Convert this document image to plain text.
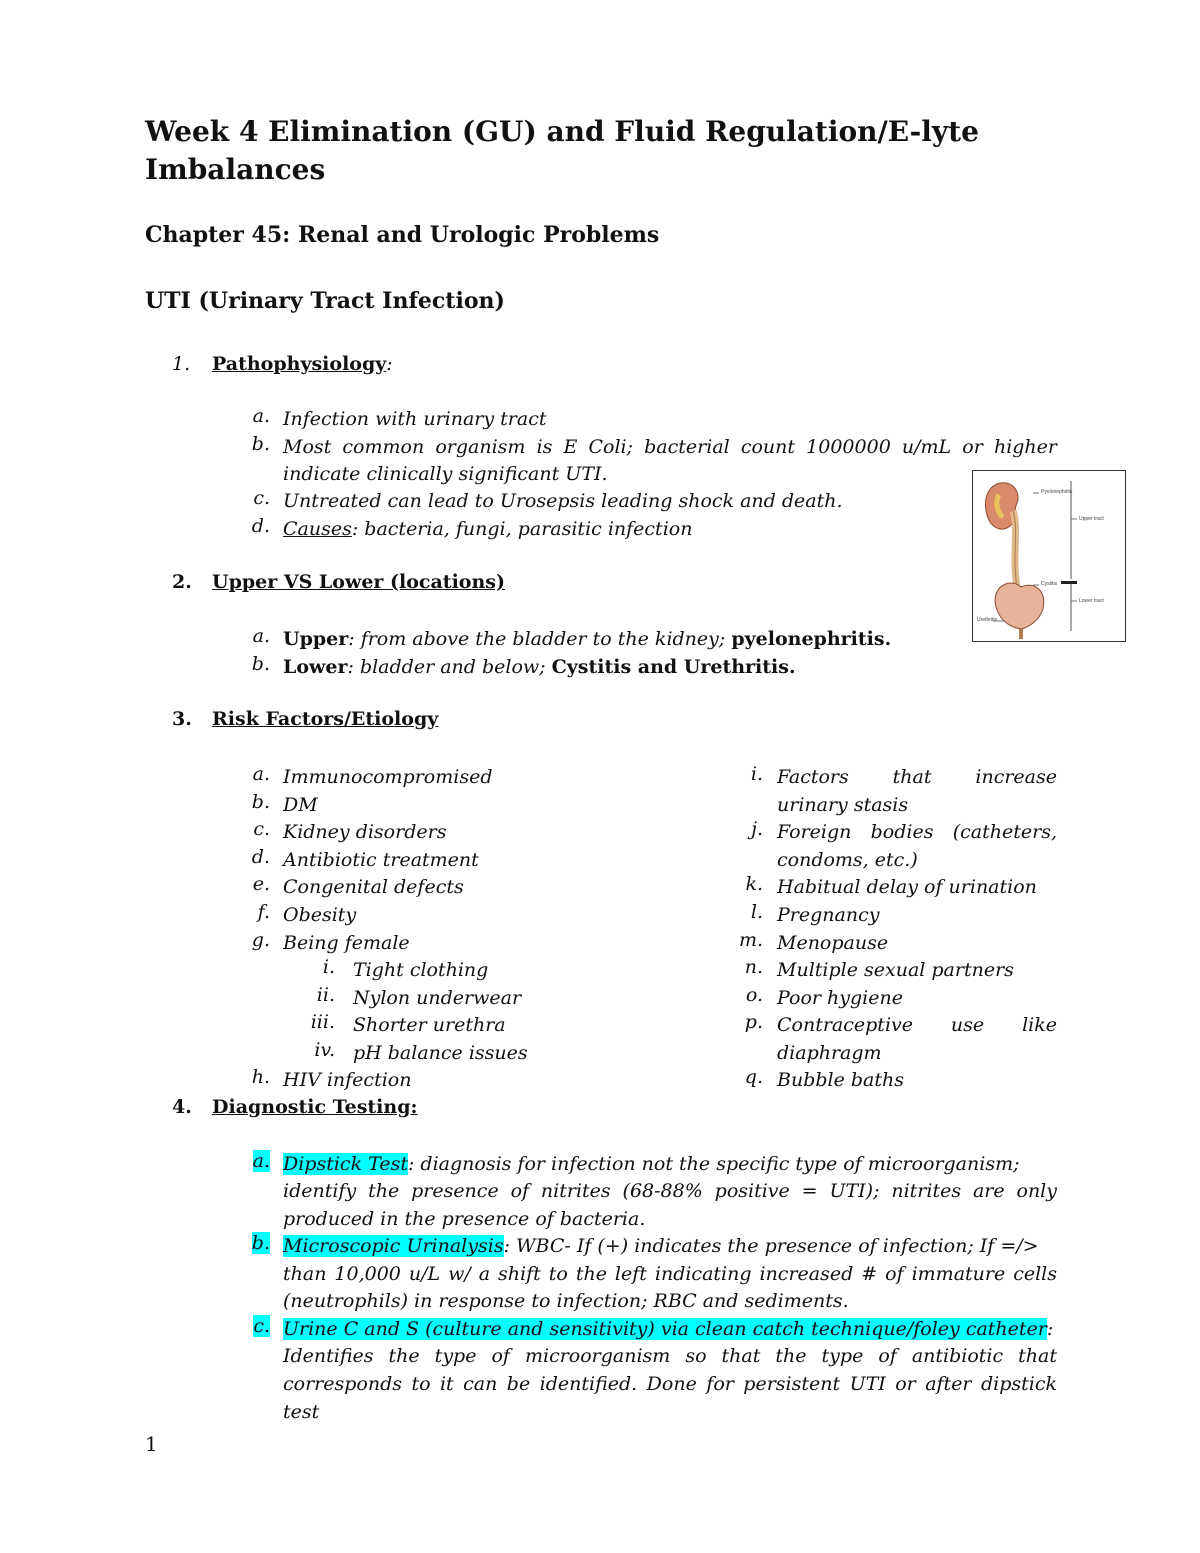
Week 4 Elimination (GU) and Fluid Regulation/E-lyte
Imbalances
Chapter 45: Renal and Urologic Problems
UTI (Urinary Tract Infection)
1. Pathophysiology:
a. Infection with urinary tract
b. Most common organism is E Coli; bacterial count 1000000 u/mL or higher
indicate clinically significant UTI.
c. Untreated can lead to Urosepsis leading shock and death.
d. Causes: bacteria, fungi, parasitic infection
2. Upper VS Lower (locations)
a. Upper: from above the bladder to the kidney; pyelonephritis.
b. Lower: bladder and below; Cystitis and Urethritis.
Pyelonephritis
Upper tract
Cystitis
Lower tract
Urethritis
3. Risk Factors/Etiology
a. Immunocompromised
b. DM
c. Kidney disorders
d. Antibiotic treatment
e. Congenital defects
f. Obesity
g. Being female
i. Tight clothing
ii. Nylon underwear
iii. Shorter urethra
iv. pH balance issues
h. HIV infection
i. Factors that increase
urinary stasis
j. Foreign bodies (catheters,
condoms, etc.)
k. Habitual delay of urination
l. Pregnancy
m. Menopause
n. Multiple sexual partners
o. Poor hygiene
p. Contraceptive use like
diaphragm
q. Bubble baths
4. Diagnostic Testing:
a. Dipstick Test: diagnosis for infection not the specific type of microorganism;
identify the presence of nitrites (68-88% positive = UTI); nitrites are only
produced in the presence of bacteria.
b. Microscopic Urinalysis: WBC- If (+) indicates the presence of infection; If =/>
than 10,000 u/L w/ a shift to the left indicating increased # of immature cells
(neutrophils) in response to infection; RBC and sediments.
c. Urine C and S (culture and sensitivity) via clean catch technique/foley catheter:
Identifies the type of microorganism so that the type of antibiotic that
corresponds to it can be identified. Done for persistent UTI or after dipstick test
1
